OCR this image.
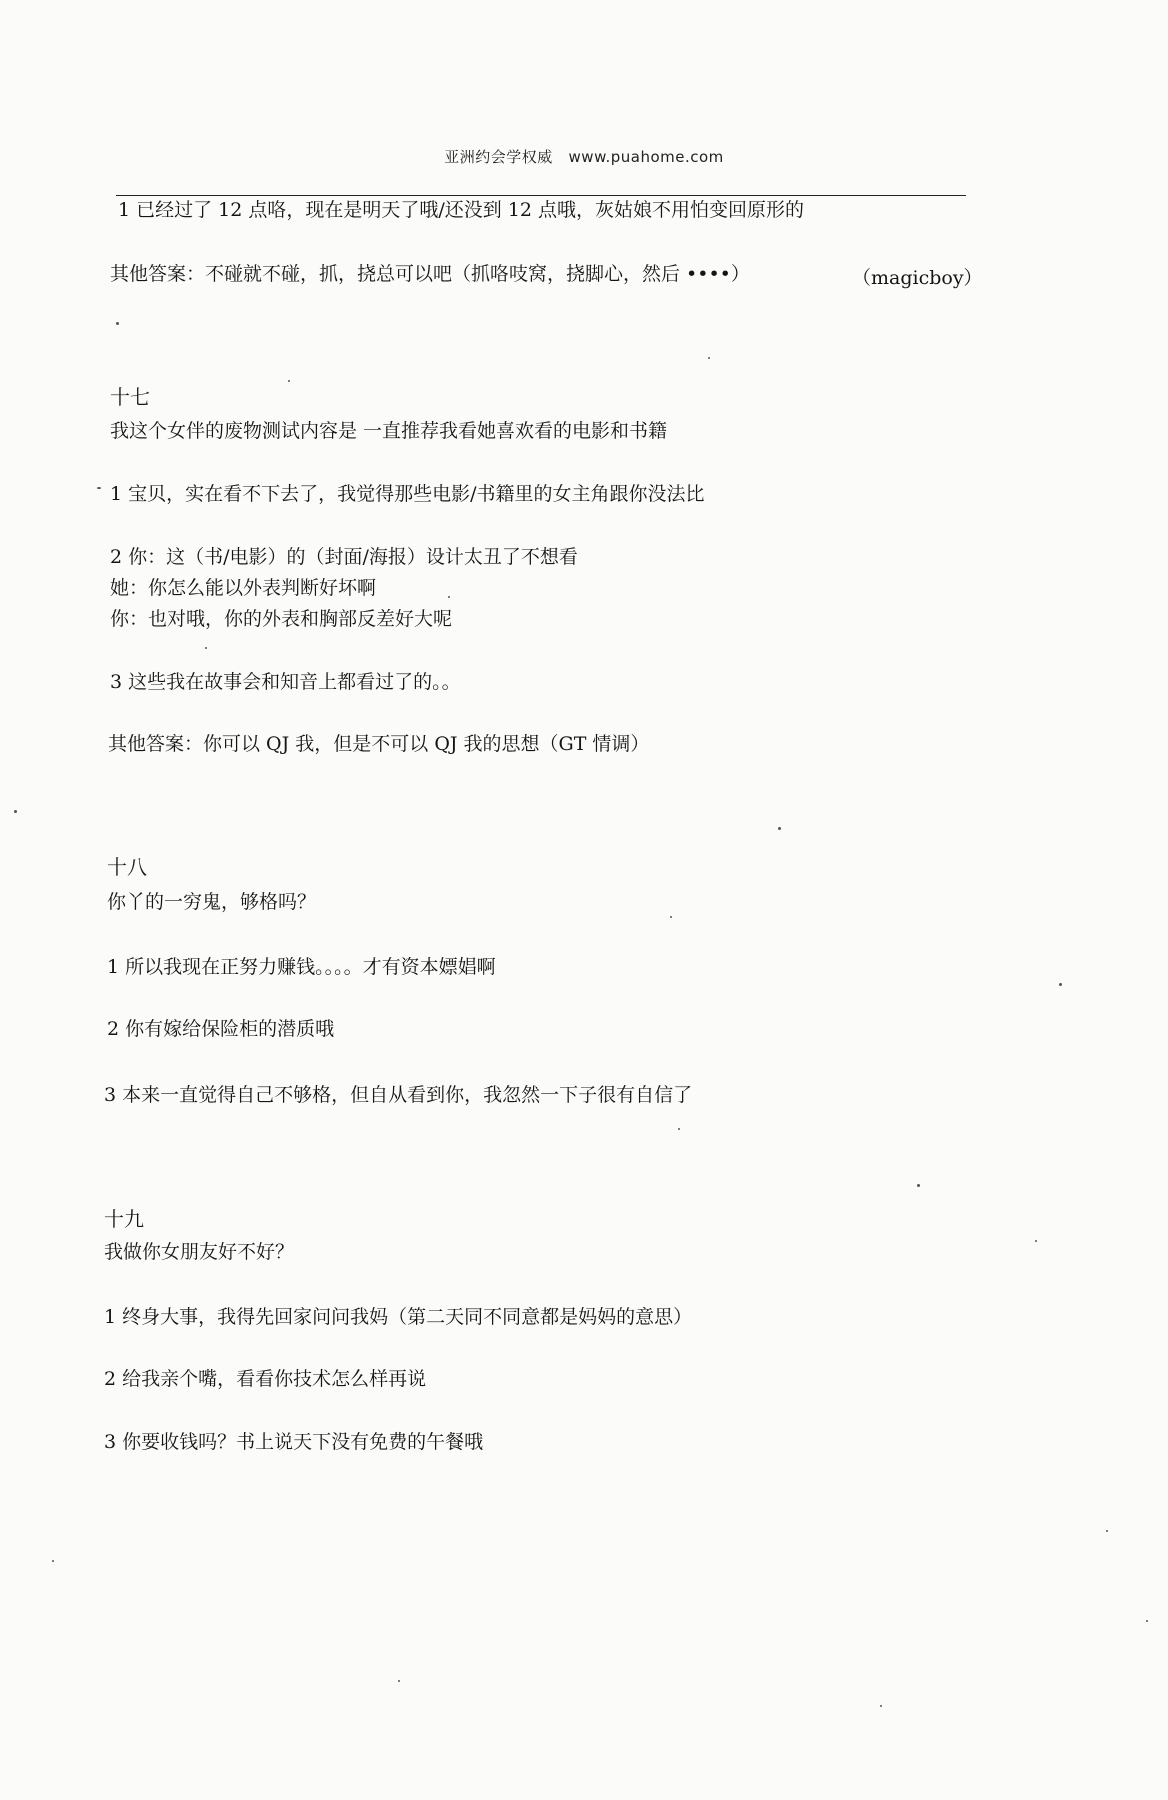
亚洲约会学权威 www.puahome.com
1 已经过了 12 点咯，现在是明天了哦/还没到 12 点哦，灰姑娘不用怕变回原形的
其他答案：不碰就不碰，抓，挠总可以吧（抓咯吱窝，挠脚心，然后 ••••）	（magicboy）
十七
我这个女伴的废物测试内容是 一直推荐我看她喜欢看的电影和书籍
1 宝贝，实在看不下去了，我觉得那些电影/书籍里的女主角跟你没法比
2 你：这（书/电影）的（封面/海报）设计太丑了不想看
她：你怎么能以外表判断好坏啊
你：也对哦，你的外表和胸部反差好大呢
3 这些我在故事会和知音上都看过了的。。
其他答案：你可以 QJ 我，但是不可以 QJ 我的思想（GT 情调）
十八
你丫的一穷鬼，够格吗？
1 所以我现在正努力赚钱。。。。才有资本嫖娼啊
2 你有嫁给保险柜的潜质哦
3 本来一直觉得自己不够格，但自从看到你，我忽然一下子很有自信了
十九
我做你女朋友好不好？
1 终身大事，我得先回家问问我妈（第二天同不同意都是妈妈的意思）
2 给我亲个嘴，看看你技术怎么样再说
3 你要收钱吗？书上说天下没有免费的午餐哦
